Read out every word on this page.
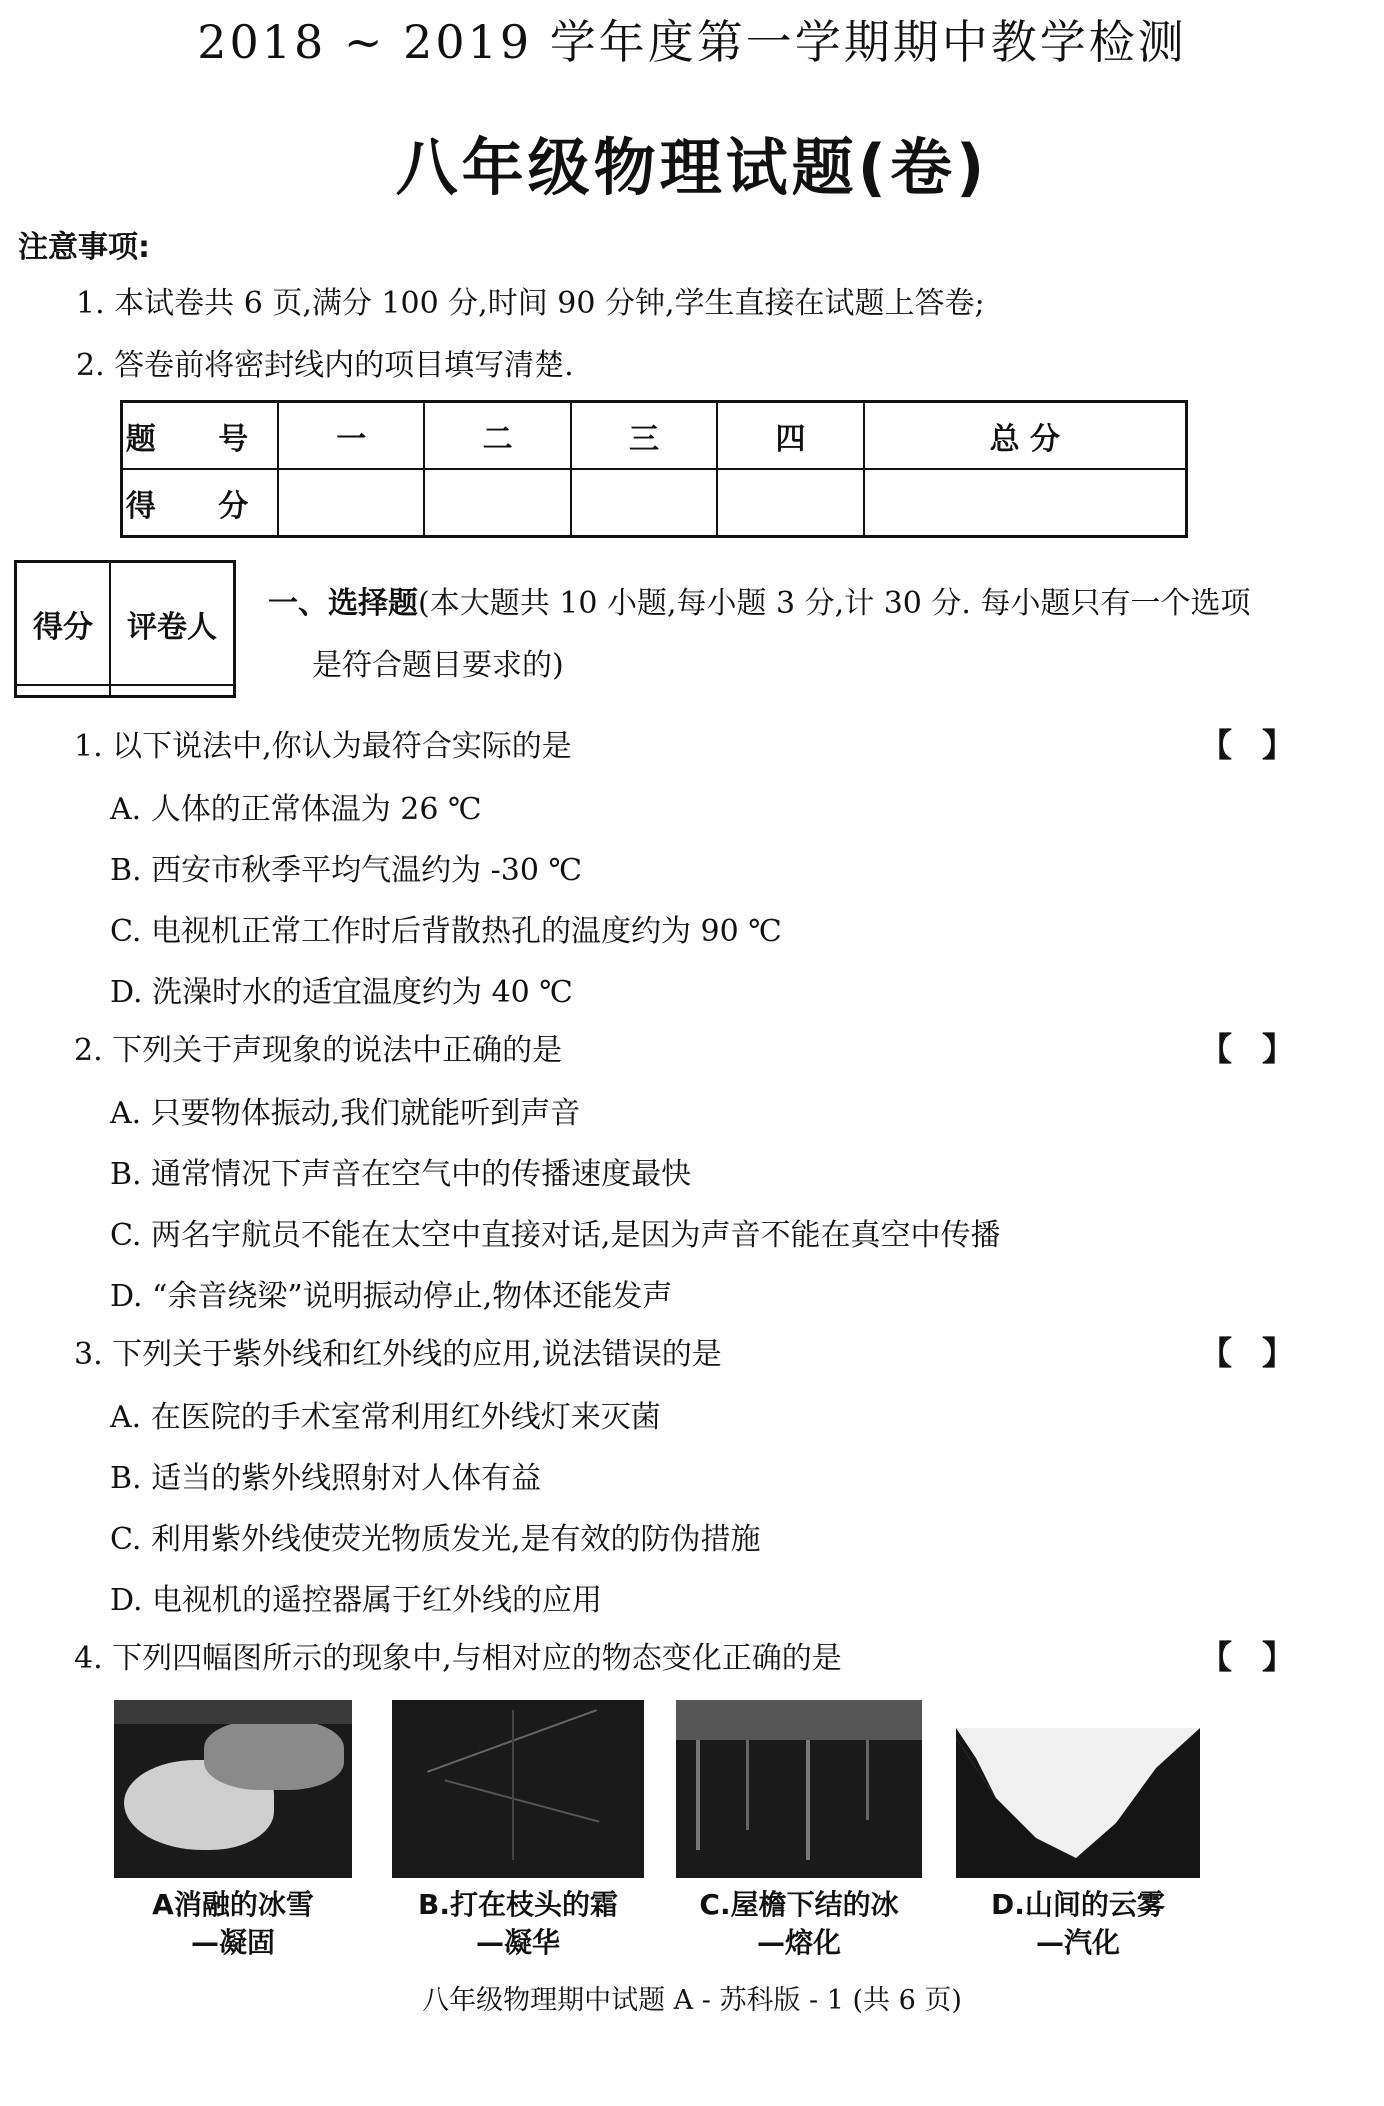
2018 ~ 2019 学年度第一学期期中教学检测
八年级物理试题(卷)
注意事项:
1. 本试卷共 6 页,满分 100 分,时间 90 分钟,学生直接在试题上答卷;
2. 答卷前将密封线内的项目填写清楚.
题 号	一	二	三	四	总 分
得 分					
得分	评卷人

一、选择题(本大题共 10 小题,每小题 3 分,计 30 分. 每小题只有一个选项
是符合题目要求的)
1. 以下说法中,你认为最符合实际的是	【 】
A. 人体的正常体温为 26 ℃
B. 西安市秋季平均气温约为 -30 ℃
C. 电视机正常工作时后背散热孔的温度约为 90 ℃
D. 洗澡时水的适宜温度约为 40 ℃
2. 下列关于声现象的说法中正确的是	【 】
A. 只要物体振动,我们就能听到声音
B. 通常情况下声音在空气中的传播速度最快
C. 两名宇航员不能在太空中直接对话,是因为声音不能在真空中传播
D. “余音绕梁”说明振动停止,物体还能发声
3. 下列关于紫外线和红外线的应用,说法错误的是	【 】
A. 在医院的手术室常利用红外线灯来灭菌
B. 适当的紫外线照射对人体有益
C. 利用紫外线使荧光物质发光,是有效的防伪措施
D. 电视机的遥控器属于红外线的应用
4. 下列四幅图所示的现象中,与相对应的物态变化正确的是	【 】
A消融的冰雪
—凝固
B.打在枝头的霜
—凝华
C.屋檐下结的冰
—熔化
D.山间的云雾
—汽化
八年级物理期中试题 A - 苏科版 - 1 (共 6 页)
